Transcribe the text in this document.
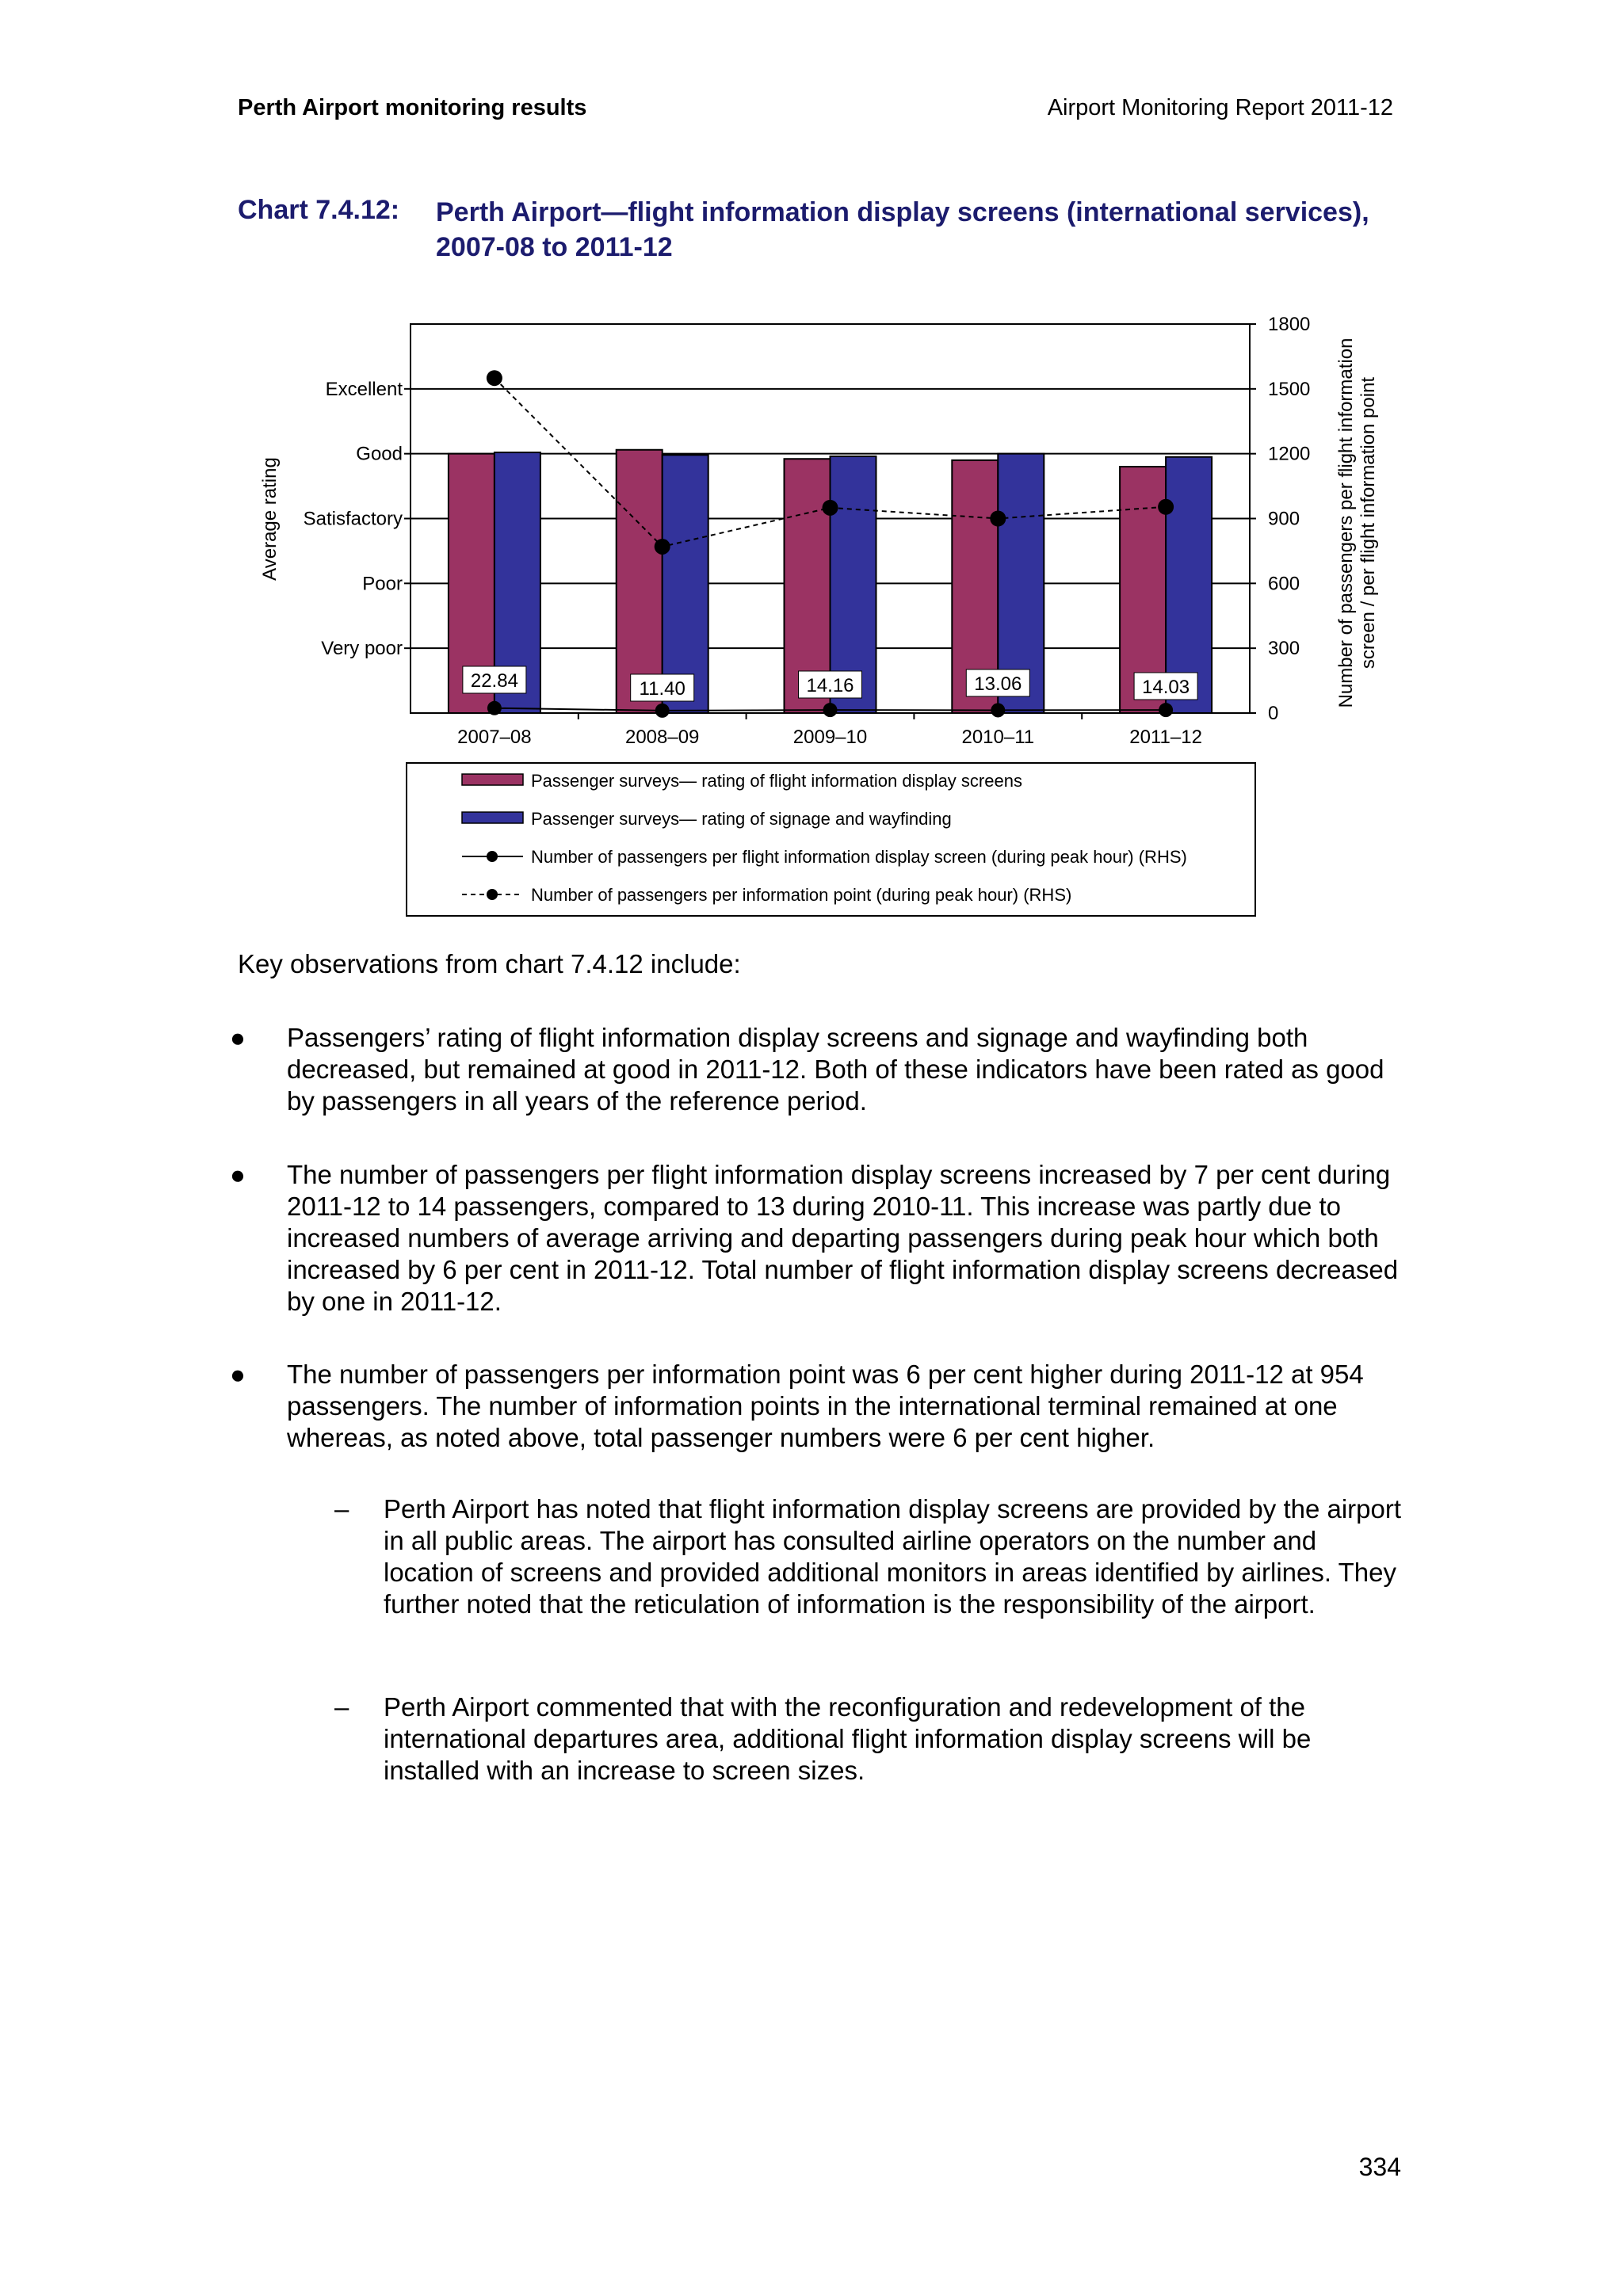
Perth Airport monitoring results	Airport Monitoring Report 2011-12
Chart 7.4.12: Perth Airport—flight information display screens (international services), 2007-08 to 2011-12
Very poor
Poor
Satisfactory
Good
Excellent
Average rating
0
300
600
900
1200
1500
1800
Number of passengers per flight information screen / per flight information point
2007–08	2008–09	2009–10	2010–11	2011–12
22.84	11.40	14.16	13.06	14.03
Passenger surveys— rating of flight information display screens
Passenger surveys— rating of signage and wayfinding
Number of passengers per flight information display screen (during peak hour) (RHS)
Number of passengers per information point (during peak hour) (RHS)
Key observations from chart 7.4.12 include:
● Passengers’ rating of flight information display screens and signage and wayfinding both decreased, but remained at good in 2011-12. Both of these indicators have been rated as good by passengers in all years of the reference period.
● The number of passengers per flight information display screens increased by 7 per cent during 2011-12 to 14 passengers, compared to 13 during 2010-11. This increase was partly due to increased numbers of average arriving and departing passengers during peak hour which both increased by 6 per cent in 2011-12. Total number of flight information display screens decreased by one in 2011-12.
● The number of passengers per information point was 6 per cent higher during 2011-12 at 954 passengers. The number of information points in the international terminal remained at one whereas, as noted above, total passenger numbers were 6 per cent higher.
– Perth Airport has noted that flight information display screens are provided by the airport in all public areas. The airport has consulted airline operators on the number and location of screens and provided additional monitors in areas identified by airlines. They further noted that the reticulation of information is the responsibility of the airport.
– Perth Airport commented that with the reconfiguration and redevelopment of the international departures area, additional flight information display screens will be installed with an increase to screen sizes.
334
